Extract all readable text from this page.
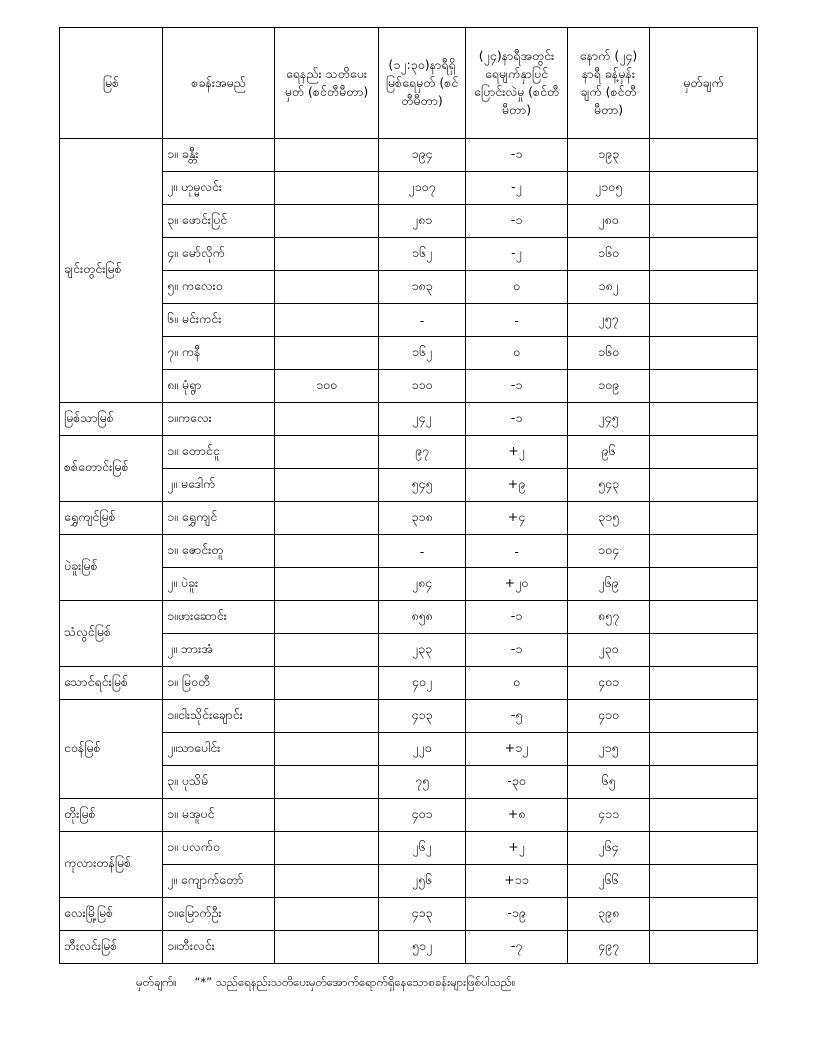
မြစ်	စခန်းအမည်	ရေနည်း သတိပေးမှတ် (စင်တီမီတာ)	(၁၂:၃၀)နာရီရှိ မြစ်ရေမှတ် (စင်တီမီတာ)	(၂၄)နာရီအတွင်း ရေမျက်နှာပြင် ပြောင်းလဲမှု (စင်တီမီတာ)	နောက် (၂၄) နာရီ ခန့်မှန်းချက် (စင်တီမီတာ)	မှတ်ချက်
ချင်းတွင်းမြစ်	၁။ ခန္တီး		၁၉၄	-၁	၁၉၃	
	၂။ ဟုမ္မလင်း		၂၁၀၇	-၂	၂၁၀၅	
	၃။ ဖောင်းပြင်		၂၈၁	-၁	၂၈၀	
	၄။ မော်လိုက်		၁၆၂	-၂	၁၆၀	
	၅။ ကလေးဝ		၁၈၃	၀	၁၈၂	
	၆။ မင်းကင်း		-	-	၂၅၇	
	၇။ ကနီ		၁၆၂	၀	၁၆၀	
	၈။ မုံရွာ	၁၀၀	၁၁၀	-၁	၁၀၉	
မြစ်သာမြစ်	၁။ကလေး		၂၄၂	-၁	၂၄၅	
စစ်တောင်းမြစ်	၁။ တောင်ငူ		၉၇	+၂	၉၆	
	၂။ မဒေါက်		၅၄၅	+၉	၅၄၃	
ရွှေကျင်မြစ်	၁။ ရွှေကျင်		၃၁၈	+၄	၃၁၅	
ပဲခူးမြစ်	၁။ ဇောင်းတူ		-	-	၁၀၄	
	၂။ ပဲခူး		၂၈၄	+၂၀	၂၆၉	
သံလွင်မြစ်	၁။ဖားဆောင်း		၈၅၈	-၁	၈၅၇	
	၂။ ဘားအံ		၂၃၃	-၁	၂၃၀	
သောင်ရင်းမြစ်	၁။ မြဝတီ		၄၀၂	၀	၄၀၁	
ငဝန်မြစ်	၁။ငါးသိုင်းချောင်း		၄၁၃	-၅	၄၁၀	
	၂။သာပေါင်း		၂၂၀	+၁၂	၂၁၅	
	၃။ ပုသိမ်		၇၅	-၃၀	၆၅	
တိုးမြစ်	၁။ မအူပင်		၄၀၁	+၈	၄၁၁	
ကုလားတန်မြစ်	၁။ ပလက်ဝ		၂၆၂	+၂	၂၆၄	
	၂။ ကျောက်တော်		၂၅၆	+၁၁	၂၆၆	
လေးမြို့မြစ်	၁။မြောက်ဦး		၄၁၃	-၁၉	၃၉၈	
ဘီးလင်းမြစ်	၁။ဘီးလင်း		၅၁၂	-၇	၄၉၇	
မှတ်ချက်။ “*” သည်ရေနည်းသတိပေးမှတ်အောက်ရောက်ရှိနေသောစခန်းများဖြစ်ပါသည်။
